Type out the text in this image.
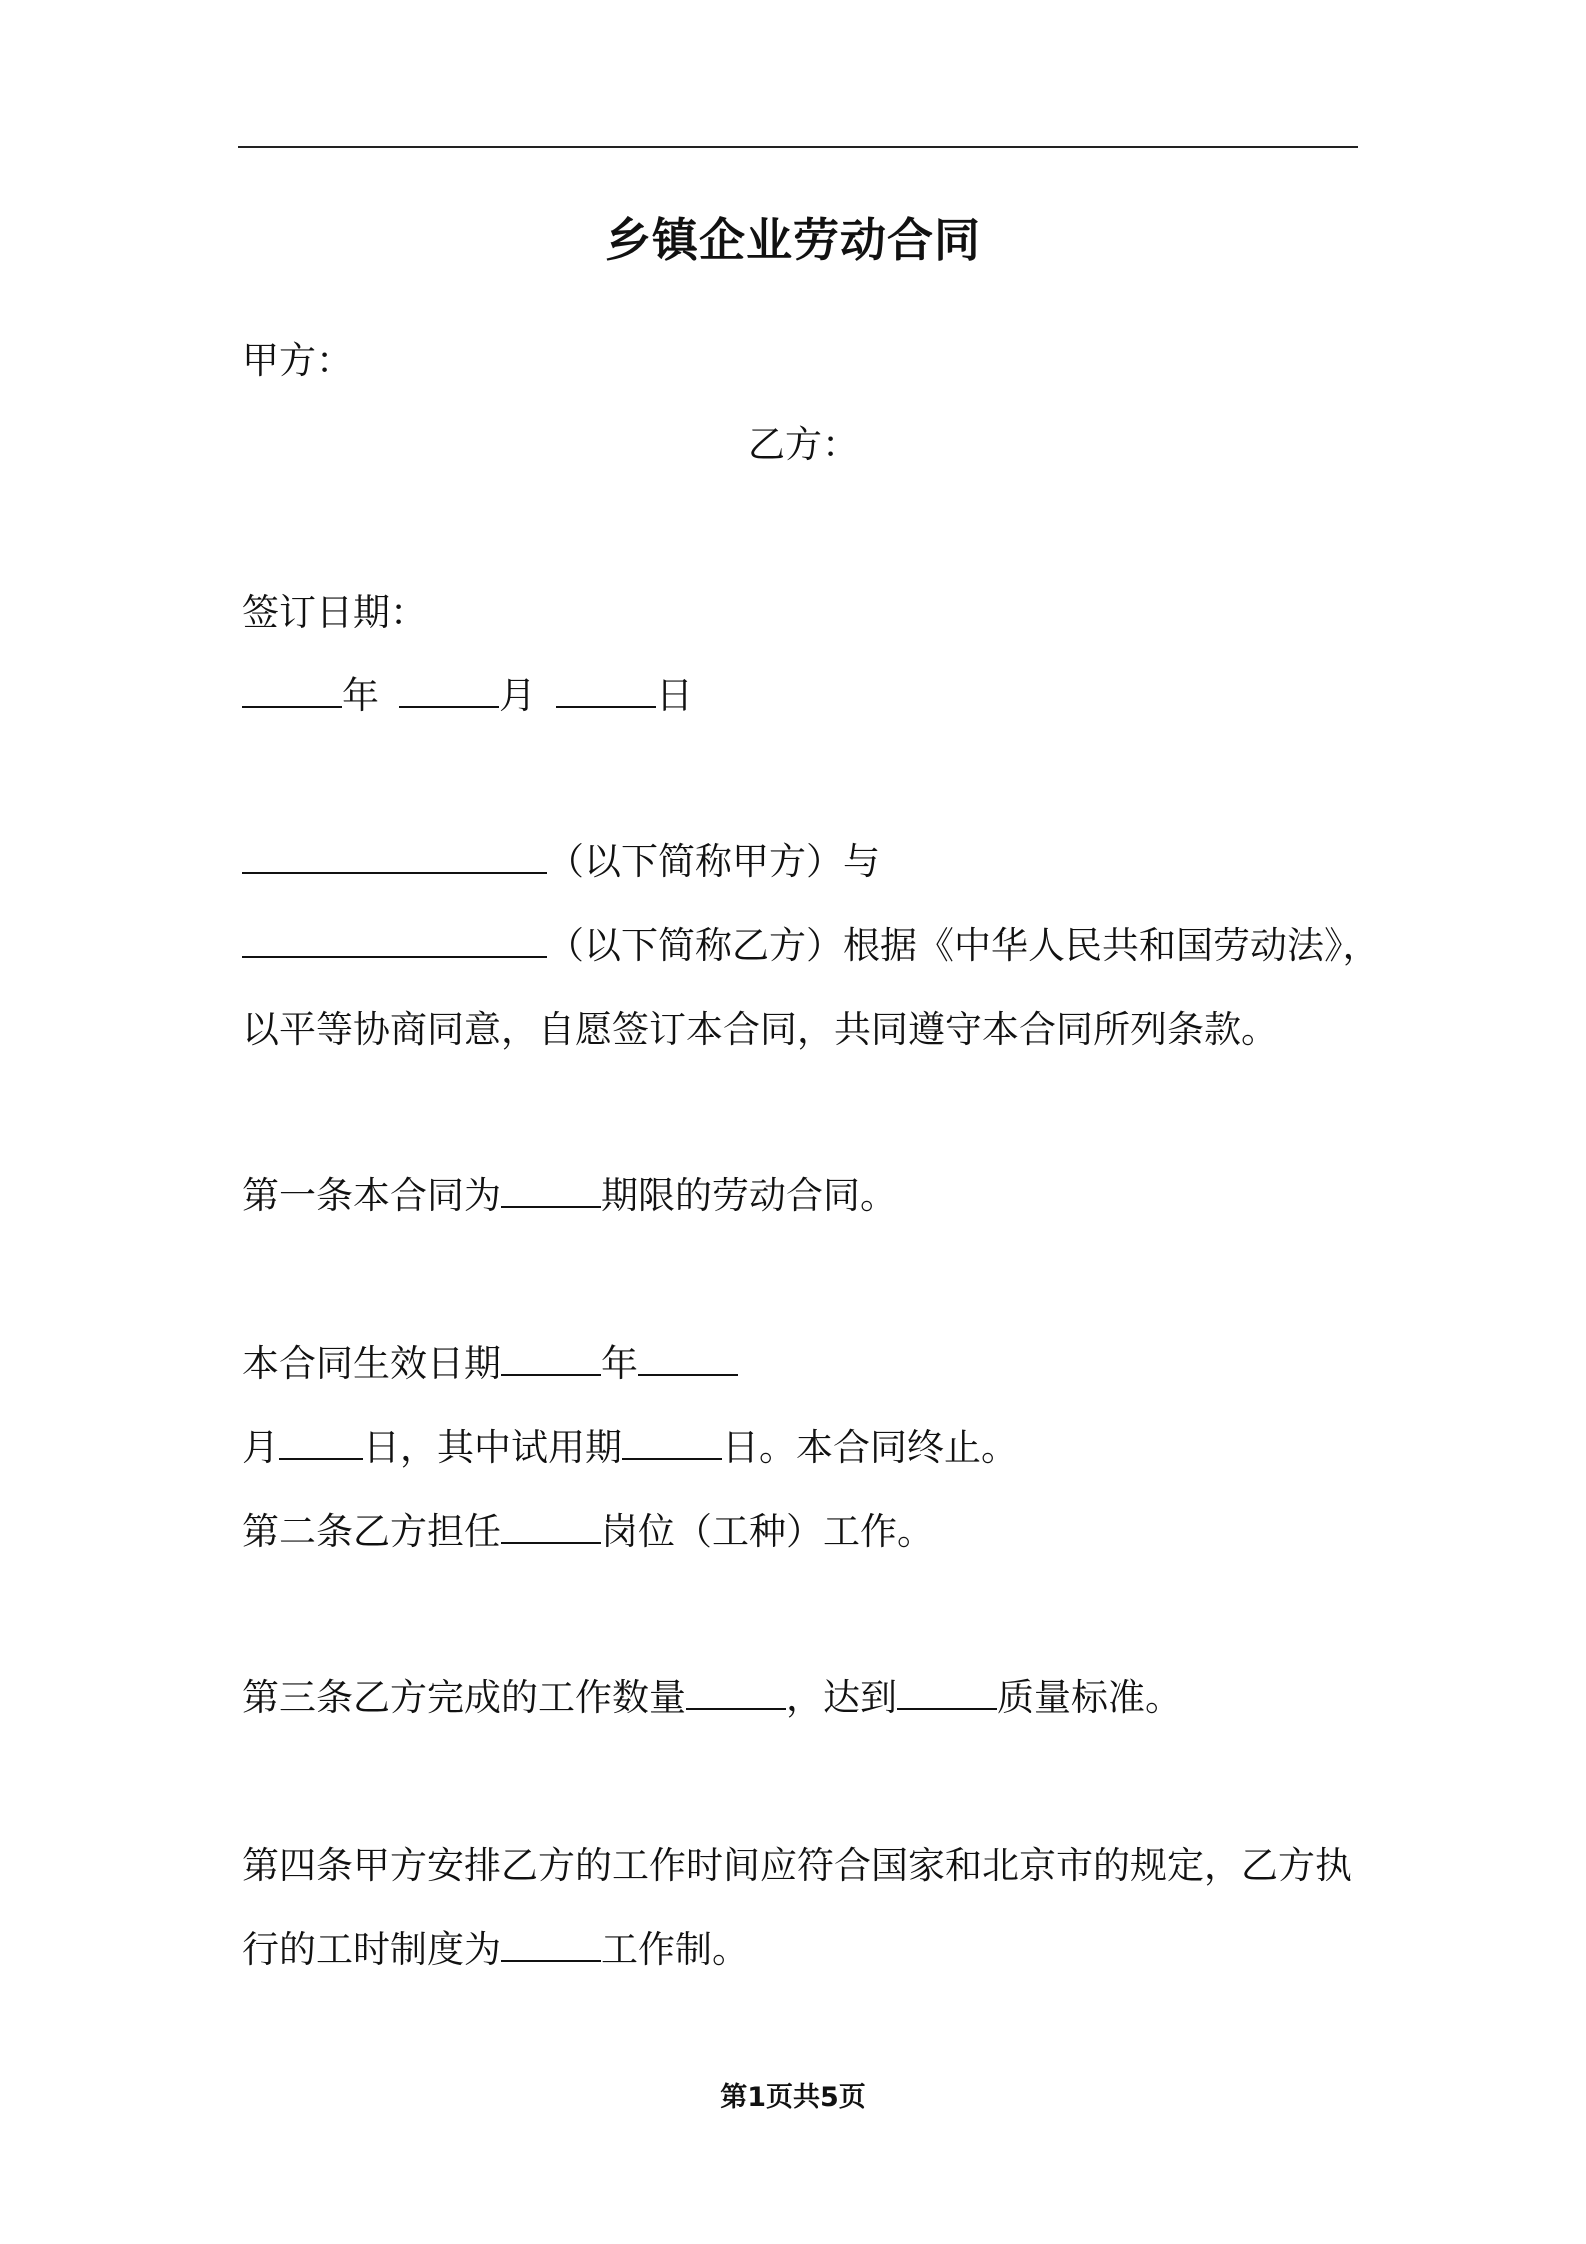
乡镇企业劳动合同
甲方：
乙方：
签订日期：
年	月	日
（以下简称甲方）与
（以下简称乙方）根据《中华人民共和国劳动法》，
以平等协商同意，自愿签订本合同，共同遵守本合同所列条款。
第一条本合同为	期限的劳动合同。
本合同生效日期	年
月 日，其中试用期	日。本合同终止。
第二条乙方担任	岗位（工种）工作。
第三条乙方完成的工作数量	，达到	质量标准。
第四条甲方安排乙方的工作时间应符合国家和北京市的规定，乙方执
行的工时制度为	工作制。
第1页共5页
